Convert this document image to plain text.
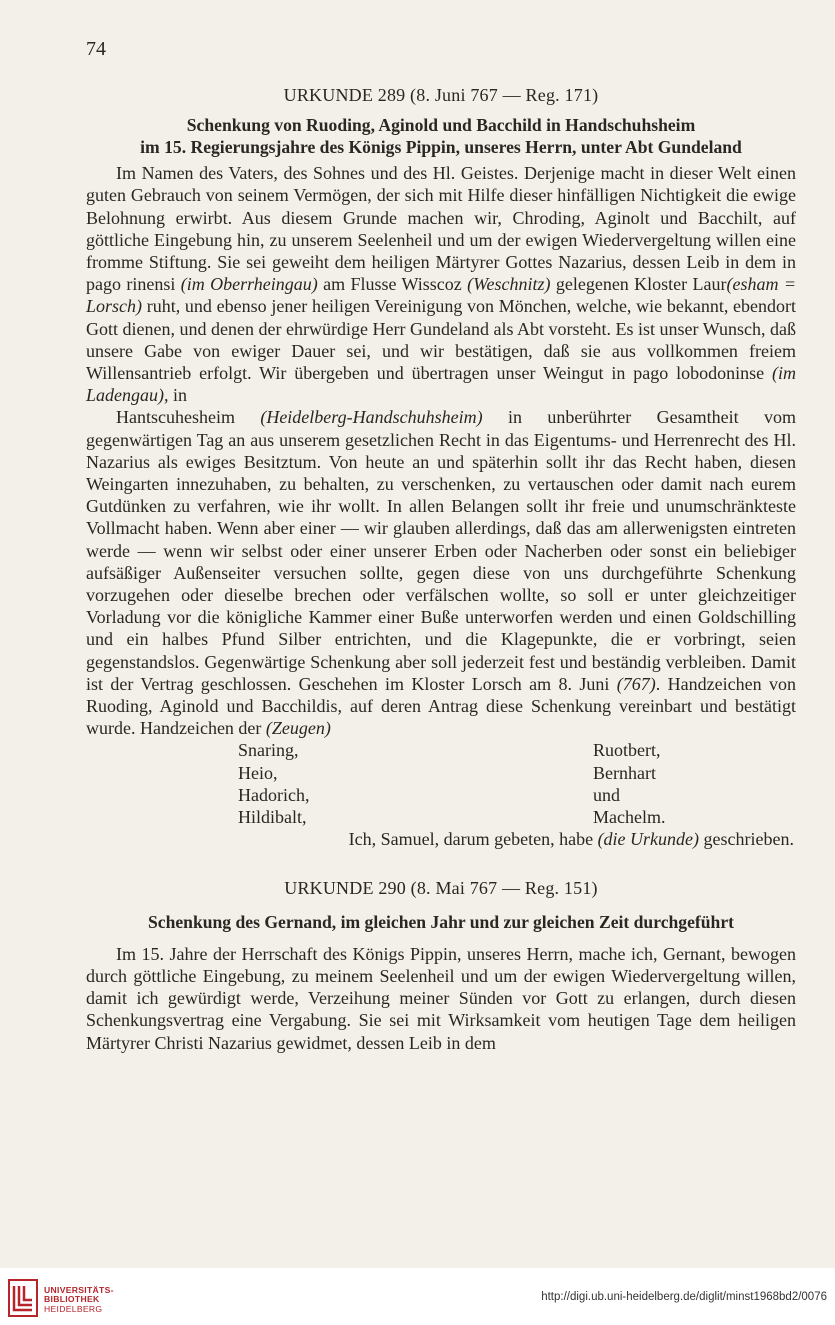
74
URKUNDE 289 (8. Juni 767 — Reg. 171)
Schenkung von Ruoding, Aginold und Bacchild in Handschuhsheim
im 15. Regierungsjahre des Königs Pippin, unseres Herrn, unter Abt Gundeland

Im Namen des Vaters, des Sohnes und des Hl. Geistes. Derjenige macht in dieser Welt einen guten Gebrauch von seinem Vermögen, der sich mit Hilfe dieser hinfälligen Nichtigkeit die ewige Belohnung erwirbt. Aus diesem Grunde machen wir, Chroding, Aginolt und Bacchilt, auf göttliche Eingebung hin, zu unserem Seelenheil und um der ewigen Wiedervergeltung willen eine fromme Stiftung. Sie sei geweiht dem heiligen Märtyrer Gottes Nazarius, dessen Leib in dem in pago rinensi (im Oberrheingau) am Flusse Wisscoz (Weschnitz) gelegenen Kloster Laur(esham = Lorsch) ruht, und ebenso jener heiligen Vereinigung von Mönchen, welche, wie bekannt, ebendort Gott dienen, und denen der ehrwürdige Herr Gundeland als Abt vorsteht. Es ist unser Wunsch, daß unsere Gabe von ewiger Dauer sei, und wir bestätigen, daß sie aus vollkommen freiem Willensantrieb erfolgt. Wir übergeben und übertragen unser Weingut in pago lobodoninse (im Ladengau), in

Hantscuhesheim (Heidelberg-Handschuhsheim) in unberührter Gesamtheit vom gegenwärtigen Tag an aus unserem gesetzlichen Recht in das Eigentums- und Herrenrecht des Hl. Nazarius als ewiges Besitztum. Von heute an und späterhin sollt ihr das Recht haben, diesen Weingarten innezuhaben, zu behalten, zu verschenken, zu vertauschen oder damit nach eurem Gutdünken zu verfahren, wie ihr wollt. In allen Belangen sollt ihr freie und unumschränkteste Vollmacht haben. Wenn aber einer — wir glauben allerdings, daß das am allerwenigsten eintreten werde — wenn wir selbst oder einer unserer Erben oder Nacherben oder sonst ein beliebiger aufsäßiger Außenseiter versuchen sollte, gegen diese von uns durchgeführte Schenkung vorzugehen oder dieselbe brechen oder verfälschen wollte, so soll er unter gleichzeitiger Vorladung vor die königliche Kammer einer Buße unterworfen werden und einen Goldschilling und ein halbes Pfund Silber entrichten, und die Klagepunkte, die er vorbringt, seien gegenstandslos. Gegenwärtige Schenkung aber soll jederzeit fest und beständig verbleiben. Damit ist der Vertrag geschlossen. Geschehen im Kloster Lorsch am 8. Juni (767). Handzeichen von Ruoding, Aginold und Bacchildis, auf deren Antrag diese Schenkung vereinbart und bestätigt wurde. Handzeichen der (Zeugen)

Snaring,	Ruotbert,
Heio,	Bernhart
Hadorich,	und
Hildibalt,	Machelm.

Ich, Samuel, darum gebeten, habe (die Urkunde) geschrieben.

URKUNDE 290 (8. Mai 767 — Reg. 151)
Schenkung des Gernand, im gleichen Jahr und zur gleichen Zeit durchgeführt

Im 15. Jahre der Herrschaft des Königs Pippin, unseres Herrn, mache ich, Gernant, bewogen durch göttliche Eingebung, zu meinem Seelenheil und um der ewigen Wiedervergeltung willen, damit ich gewürdigt werde, Verzeihung meiner Sünden vor Gott zu erlangen, durch diesen Schenkungsvertrag eine Vergabung. Sie sei mit Wirksamkeit vom heutigen Tage dem heiligen Märtyrer Christi Nazarius gewidmet, dessen Leib in dem

UNIVERSITÄTS-
BIBLIOTHEK
HEIDELBERG
http://digi.ub.uni-heidelberg.de/diglit/minst1968bd2/0076
